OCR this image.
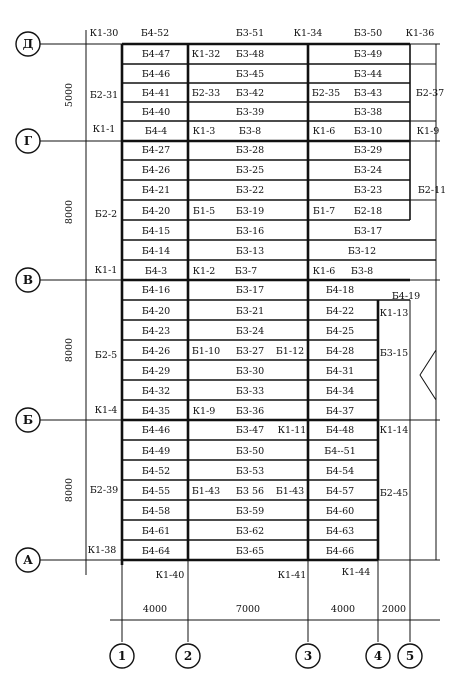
Д
Г
В
Б
А
1	2	3	4 5
5000
8000
8000
8000
4000	7000	4000	2000
К1-30 Б4-52	Б3-51	К1-34	Б3-50 К1-36
Б4-47
Б4-46
Б4-41
Б4-40
Б4-4
К1-32 Б3-48
Б3-45
Б2-33 Б3-42
Б3-39
К1-3 Б3-8
Б3-49
Б3-44
Б2-35 Б3-43
Б3-38
К1-6 Б3-10
Б2-31
К1-1
Б2-37
К1-9
Б4-27
Б4-26
Б4-21
Б4-20
Б4-15
Б4-14
Б4-3
Б3-28
Б3-25
Б3-22
Б1-5 Б3-19
Б3-16
Б3-13
К1-2 Б3-7
Б3-29
Б3-24
Б3-23	Б2-11
Б1-7 Б2-18
Б3-17
Б3-12
К1-6 Б3-8
Б2-2
К1-1
Б4-16
Б4-20
Б4-23
Б4-26
Б4-29
Б4-32
Б4-35
Б3-17
Б3-21
Б3-24
Б1-10 Б3-27 Б1-12
Б3-30
Б3-33
К1-9 Б3-36
Б4-18
Б4-19
Б4-22	К1-13
Б4-25
Б4-28	Б3-15
Б4-31
Б4-34
Б4-37
Б2-5
К1-4
Б4-46
Б4-49
Б4-52
Б4-55
Б4-58
Б4-61
Б4-64
Б3-47 К1-11
Б3-50
Б3-53
Б1-43 Б3 56 Б1-43
Б3-59
Б3-62
Б3-65
Б4-48	К1-14
Б4--51
Б4-54
Б4-57	Б2-45
Б4-60
Б4-63
Б4-66
Б2-39
К1-38
К1-40	К1-41	К1-44
